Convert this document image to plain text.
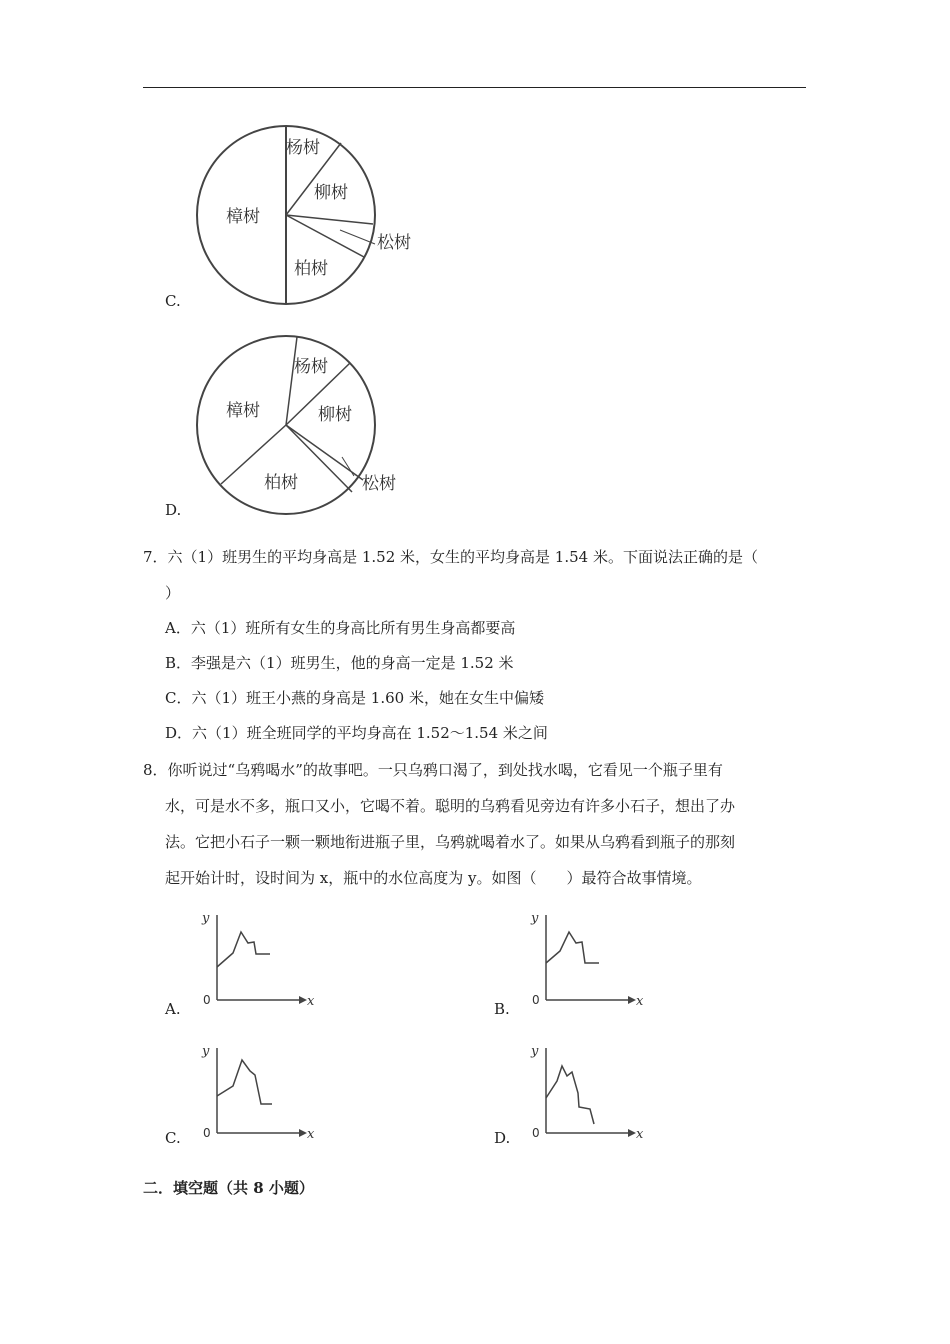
杨树
柳树
松树
柏树
樟树
C.
杨树
柳树
松树
柏树
樟树
D.
7．六（1）班男生的平均身高是 1.52 米，女生的平均身高是 1.54 米。下面说法正确的是（
）
A．六（1）班所有女生的身高比所有男生身高都要高
B．李强是六（1）班男生，他的身高一定是 1.52 米
C．六（1）班王小燕的身高是 1.60 米，她在女生中偏矮
D．六（1）班全班同学的平均身高在 1.52～1.54 米之间
8．你听说过“乌鸦喝水”的故事吧。一只乌鸦口渴了，到处找水喝，它看见一个瓶子里有
水，可是水不多，瓶口又小，它喝不着。聪明的乌鸦看见旁边有许多小石子，想出了办
法。它把小石子一颗一颗地衔进瓶子里，乌鸦就喝着水了。如果从乌鸦看到瓶子的那刻
起开始计时，设时间为 x，瓶中的水位高度为 y。如图（　　）最符合故事情境。
y
x
0
A.
y
x
0
B.
y
x
0
C.
y
x
0
D.
二．填空题（共 8 小题）
